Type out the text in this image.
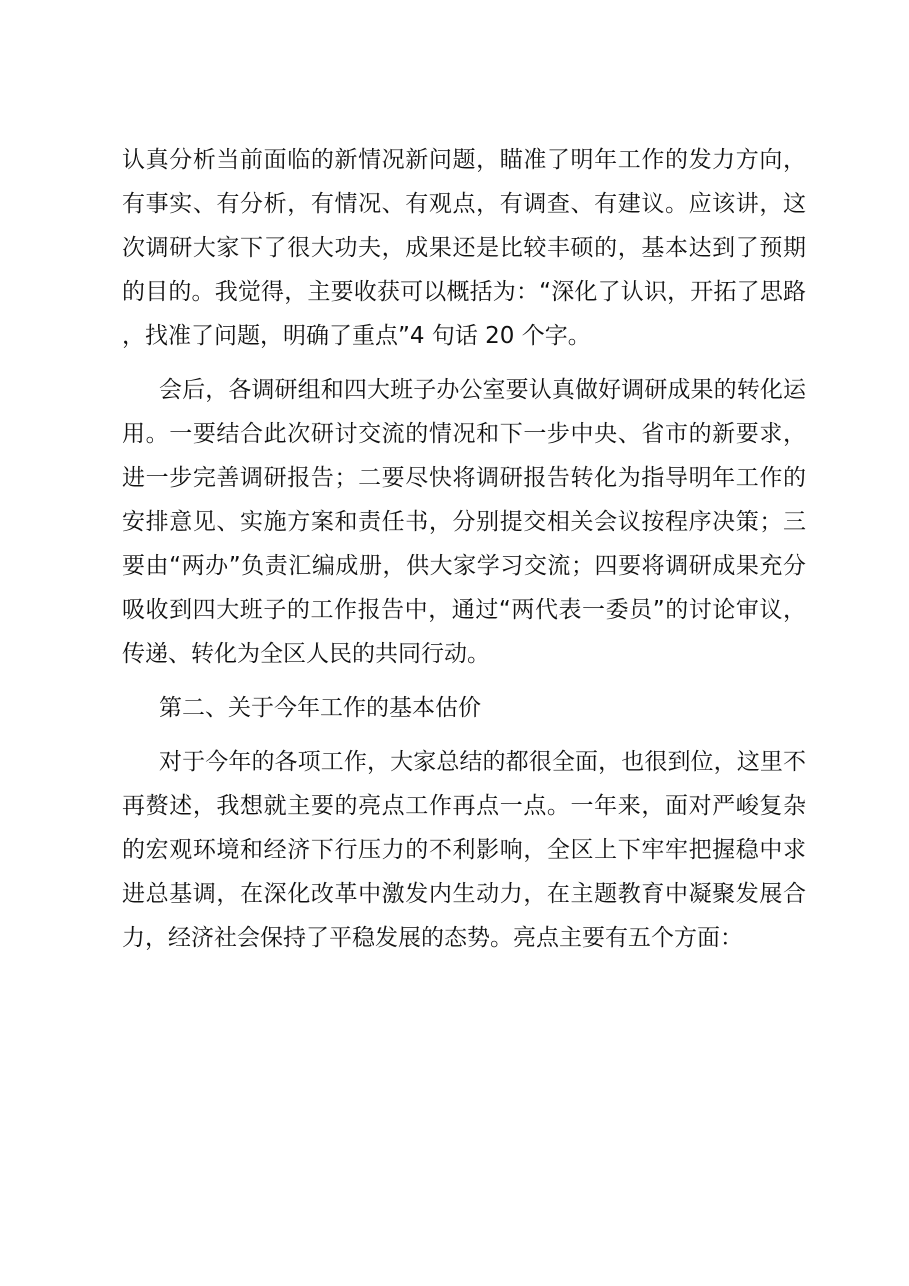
认真分析当前面临的新情况新问题，瞄准了明年工作的发力方向，有事实、有分析，有情况、有观点，有调查、有建议。应该讲，这次调研大家下了很大功夫，成果还是比较丰硕的，基本达到了预期的目的。我觉得，主要收获可以概括为：“深化了认识，开拓了思路，找准了问题，明确了重点”4 句话 20 个字。

会后，各调研组和四大班子办公室要认真做好调研成果的转化运用。一要结合此次研讨交流的情况和下一步中央、省市的新要求，进一步完善调研报告；二要尽快将调研报告转化为指导明年工作的安排意见、实施方案和责任书，分别提交相关会议按程序决策；三要由“两办”负责汇编成册，供大家学习交流；四要将调研成果充分吸收到四大班子的工作报告中，通过“两代表一委员”的讨论审议，传递、转化为全区人民的共同行动。

第二、关于今年工作的基本估价

对于今年的各项工作，大家总结的都很全面，也很到位，这里不再赘述，我想就主要的亮点工作再点一点。一年来，面对严峻复杂的宏观环境和经济下行压力的不利影响，全区上下牢牢把握稳中求进总基调，在深化改革中激发内生动力，在主题教育中凝聚发展合力，经济社会保持了平稳发展的态势。亮点主要有五个方面：
